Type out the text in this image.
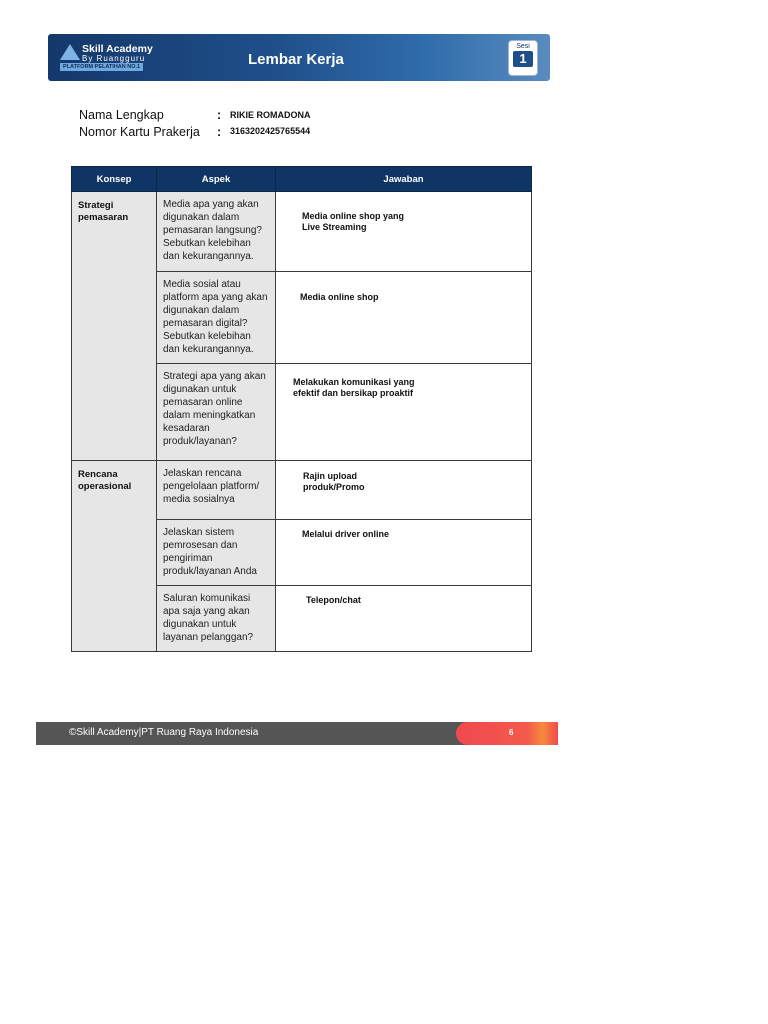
Skill Academy
By Ruangguru
PLATFORM PELATIHAN NO.1	Lembar Kerja
Sesi
1
Nama Lengkap	: RIKIE ROMADONA
Nomor Kartu Prakerja : 3163202425765544
Konsep	Aspek	Jawaban
Strategi pemasaran	Media apa yang akan digunakan dalam pemasaran langsung? Sebutkan kelebihan dan kekurangannya.	Media online shop yang
Live Streaming

	Media sosial atau platform apa yang akan digunakan dalam pemasaran digital? Sebutkan kelebihan dan kekurangannya.	Media online shop

	Strategi apa yang akan digunakan untuk pemasaran online dalam meningkatkan kesadaran produk/layanan?	Melakukan komunikasi yang
efektif dan bersikap proaktif

Rencana operasional	Jelaskan rencana pengelolaan platform/ media sosialnya	Rajin upload
produk/Promo

	Jelaskan sistem pemrosesan dan pengiriman produk/layanan Anda	Melalui driver online

	Saluran komunikasi apa saja yang akan digunakan untuk layanan pelanggan?	Telepon/chat
©Skill Academy|PT Ruang Raya Indonesia	6
